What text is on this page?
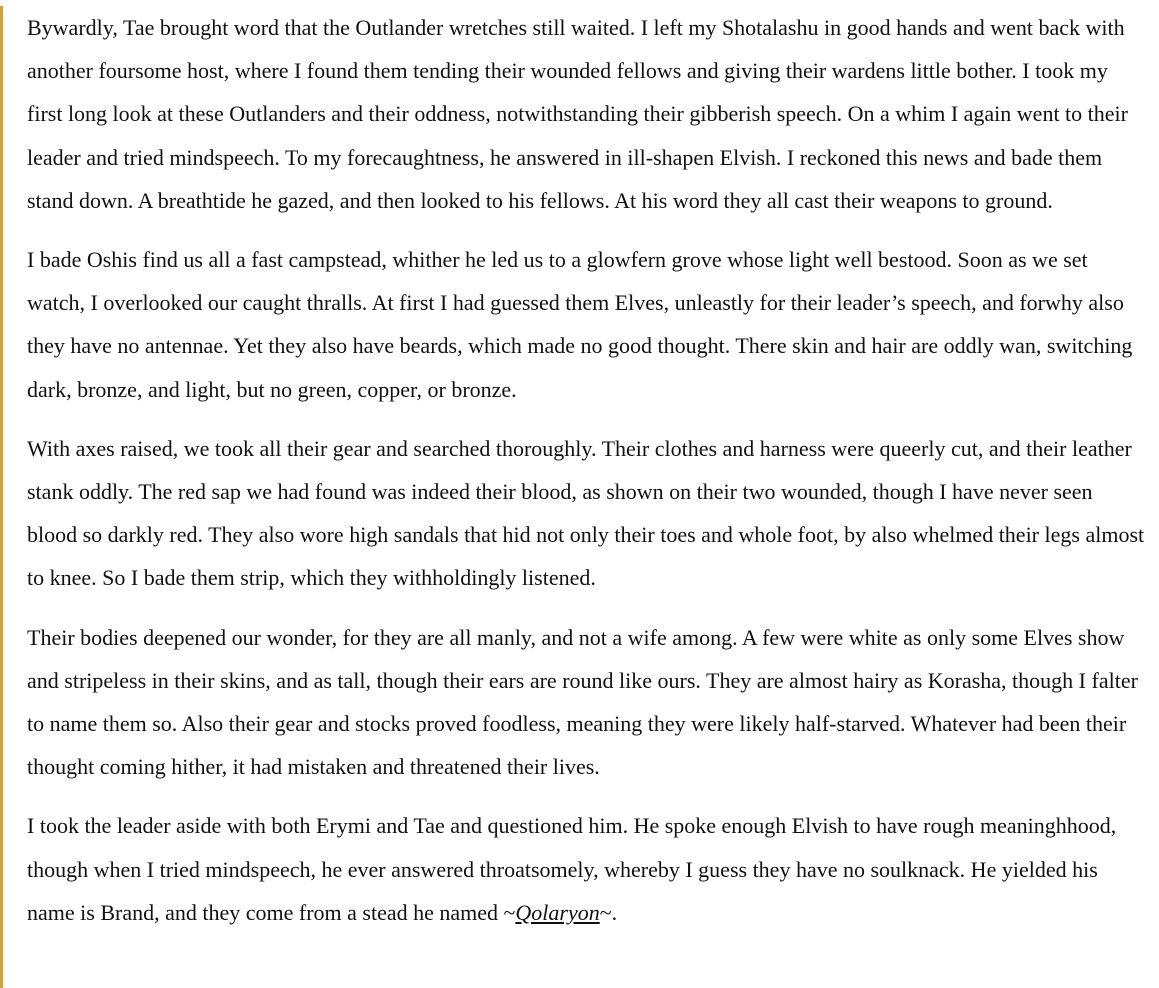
Bywardly, Tae brought word that the Outlander wretches still waited. I left my Shotalashu in good hands and went back with another foursome host, where I found them tending their wounded fellows and giving their wardens little bother. I took my first long look at these Outlanders and their oddness, notwithstanding their gibberish speech. On a whim I again went to their leader and tried mindspeech. To my forecaughtness, he answered in ill-shapen Elvish. I reckoned this news and bade them stand down. A breathtide he gazed, and then looked to his fellows. At his word they all cast their weapons to ground.

I bade Oshis find us all a fast campstead, whither he led us to a glowfern grove whose light well bestood. Soon as we set watch, I overlooked our caught thralls. At first I had guessed them Elves, unleastly for their leader’s speech, and forwhy also they have no antennae. Yet they also have beards, which made no good thought. There skin and hair are oddly wan, switching dark, bronze, and light, but no green, copper, or bronze.

With axes raised, we took all their gear and searched thoroughly. Their clothes and harness were queerly cut, and their leather stank oddly. The red sap we had found was indeed their blood, as shown on their two wounded, though I have never seen blood so darkly red. They also wore high sandals that hid not only their toes and whole foot, by also whelmed their legs almost to knee. So I bade them strip, which they withholdingly listened.

Their bodies deepened our wonder, for they are all manly, and not a wife among. A few were white as only some Elves show and stripeless in their skins, and as tall, though their ears are round like ours. They are almost hairy as Korasha, though I falter to name them so. Also their gear and stocks proved foodless, meaning they were likely half-starved. Whatever had been their thought coming hither, it had mistaken and threatened their lives.

I took the leader aside with both Erymi and Tae and questioned him. He spoke enough Elvish to have rough meaninghhood, though when I tried mindspeech, he ever answered throatsomely, whereby I guess they have no soulknack. He yielded his name is Brand, and they come from a stead he named ~Qolaryon~.
